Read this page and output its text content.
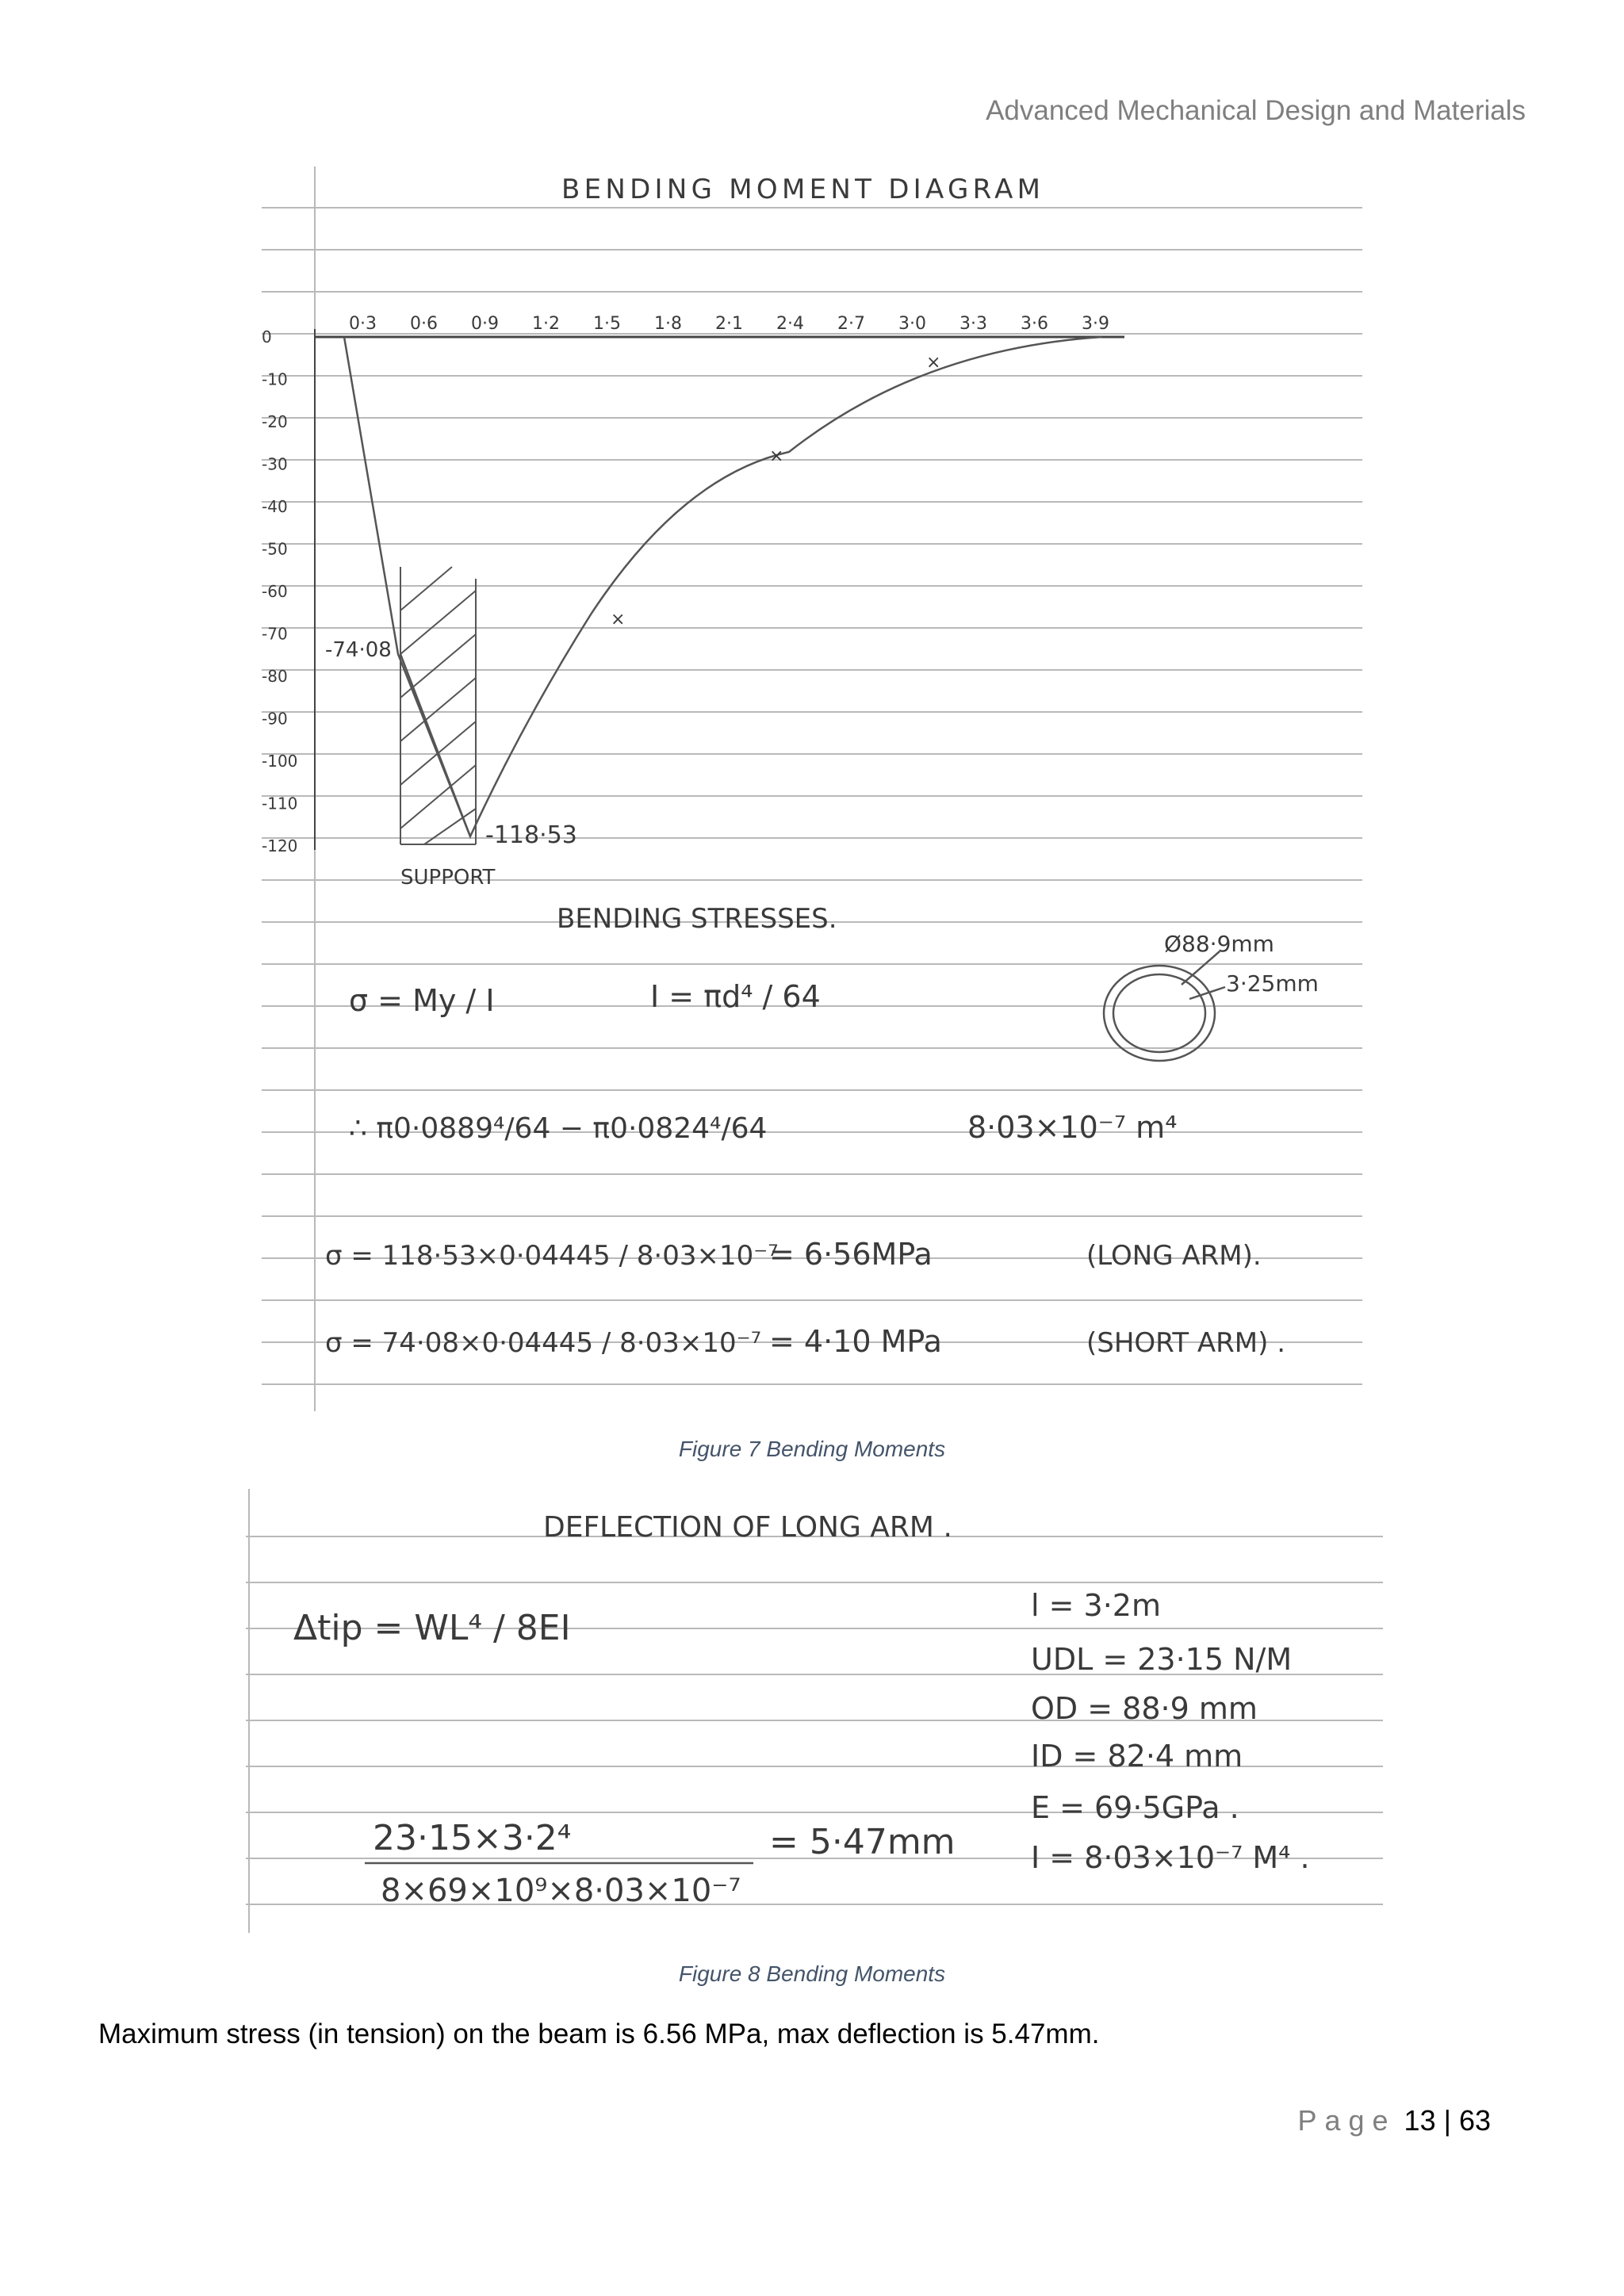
Advanced Mechanical Design and Materials
BENDING MOMENT DIAGRAM
0·3 0·6 0·9 1·2 1·5 1·8 2·1 2·4 2·7 3·0 3·3 3·6 3·9
0
-10
-20
-30
-40
-50
-60
-70
-80
-90
-100
-110
-120
×
×
×
-74·08
-118·53
SUPPORT
BENDING STRESSES.
Ø88·9mm
3·25mm
σ = My / I	I = πd⁴ / 64
∴ π0·0889⁴/64 − π0·0824⁴/64	8·03×10⁻⁷ m⁴
σ = 118·53×0·04445 / 8·03×10⁻⁷
= 6·56MPa	(LONG ARM).
σ = 74·08×0·04445 / 8·03×10⁻⁷ = 4·10 MPa	(SHORT ARM) .
Figure 7 Bending Moments
DEFLECTION OF LONG ARM .
Δtip = WL⁴ / 8EI
l = 3·2m
UDL = 23·15 N/M
OD = 88·9 mm
ID = 82·4 mm
E = 69·5GPa .
I = 8·03×10⁻⁷ M⁴ .
23·15×3·2⁴
8×69×10⁹×8·03×10⁻⁷
= 5·47mm
Figure 8 Bending Moments
Maximum stress (in tension) on the beam is 6.56 MPa, max deflection is 5.47mm.
Page 13 | 63
